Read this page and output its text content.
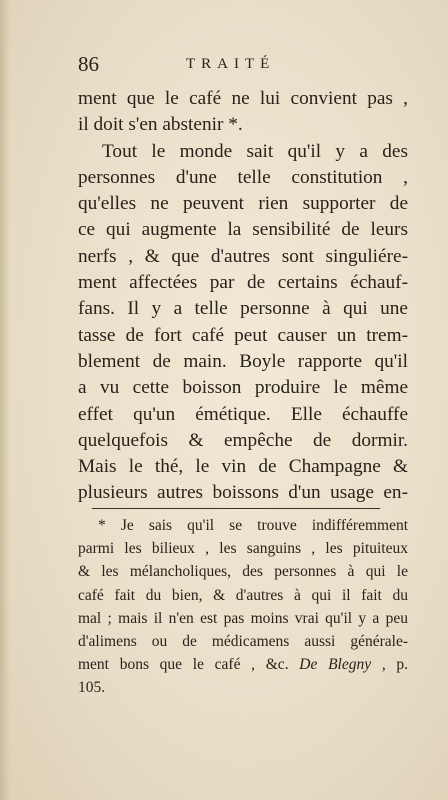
86	TRAITÉ
ment que le café ne lui convient pas ,
il doit s'en abstenir *.
Tout le monde sait qu'il y a des
personnes d'une telle constitution ,
qu'elles ne peuvent rien supporter de
ce qui augmente la sensibilité de leurs
nerfs , & que d'autres sont singuliére-
ment affectées par de certains échauf-
fans. Il y a telle personne à qui une
tasse de fort café peut causer un trem-
blement de main. Boyle rapporte qu'il
a vu cette boisson produire le même
effet qu'un émétique. Elle échauffe
quelquefois & empêche de dormir.
Mais le thé, le vin de Champagne &
plusieurs autres boissons d'un usage en-
* Je sais qu'il se trouve indifféremment
parmi les bilieux , les sanguins , les pituiteux
& les mélancholiques, des personnes à qui le
café fait du bien, & d'autres à qui il fait du
mal ; mais il n'en est pas moins vrai qu'il y a peu
d'alimens ou de médicamens aussi générale-
ment bons que le café , &c. De Blegny , p.
105.
